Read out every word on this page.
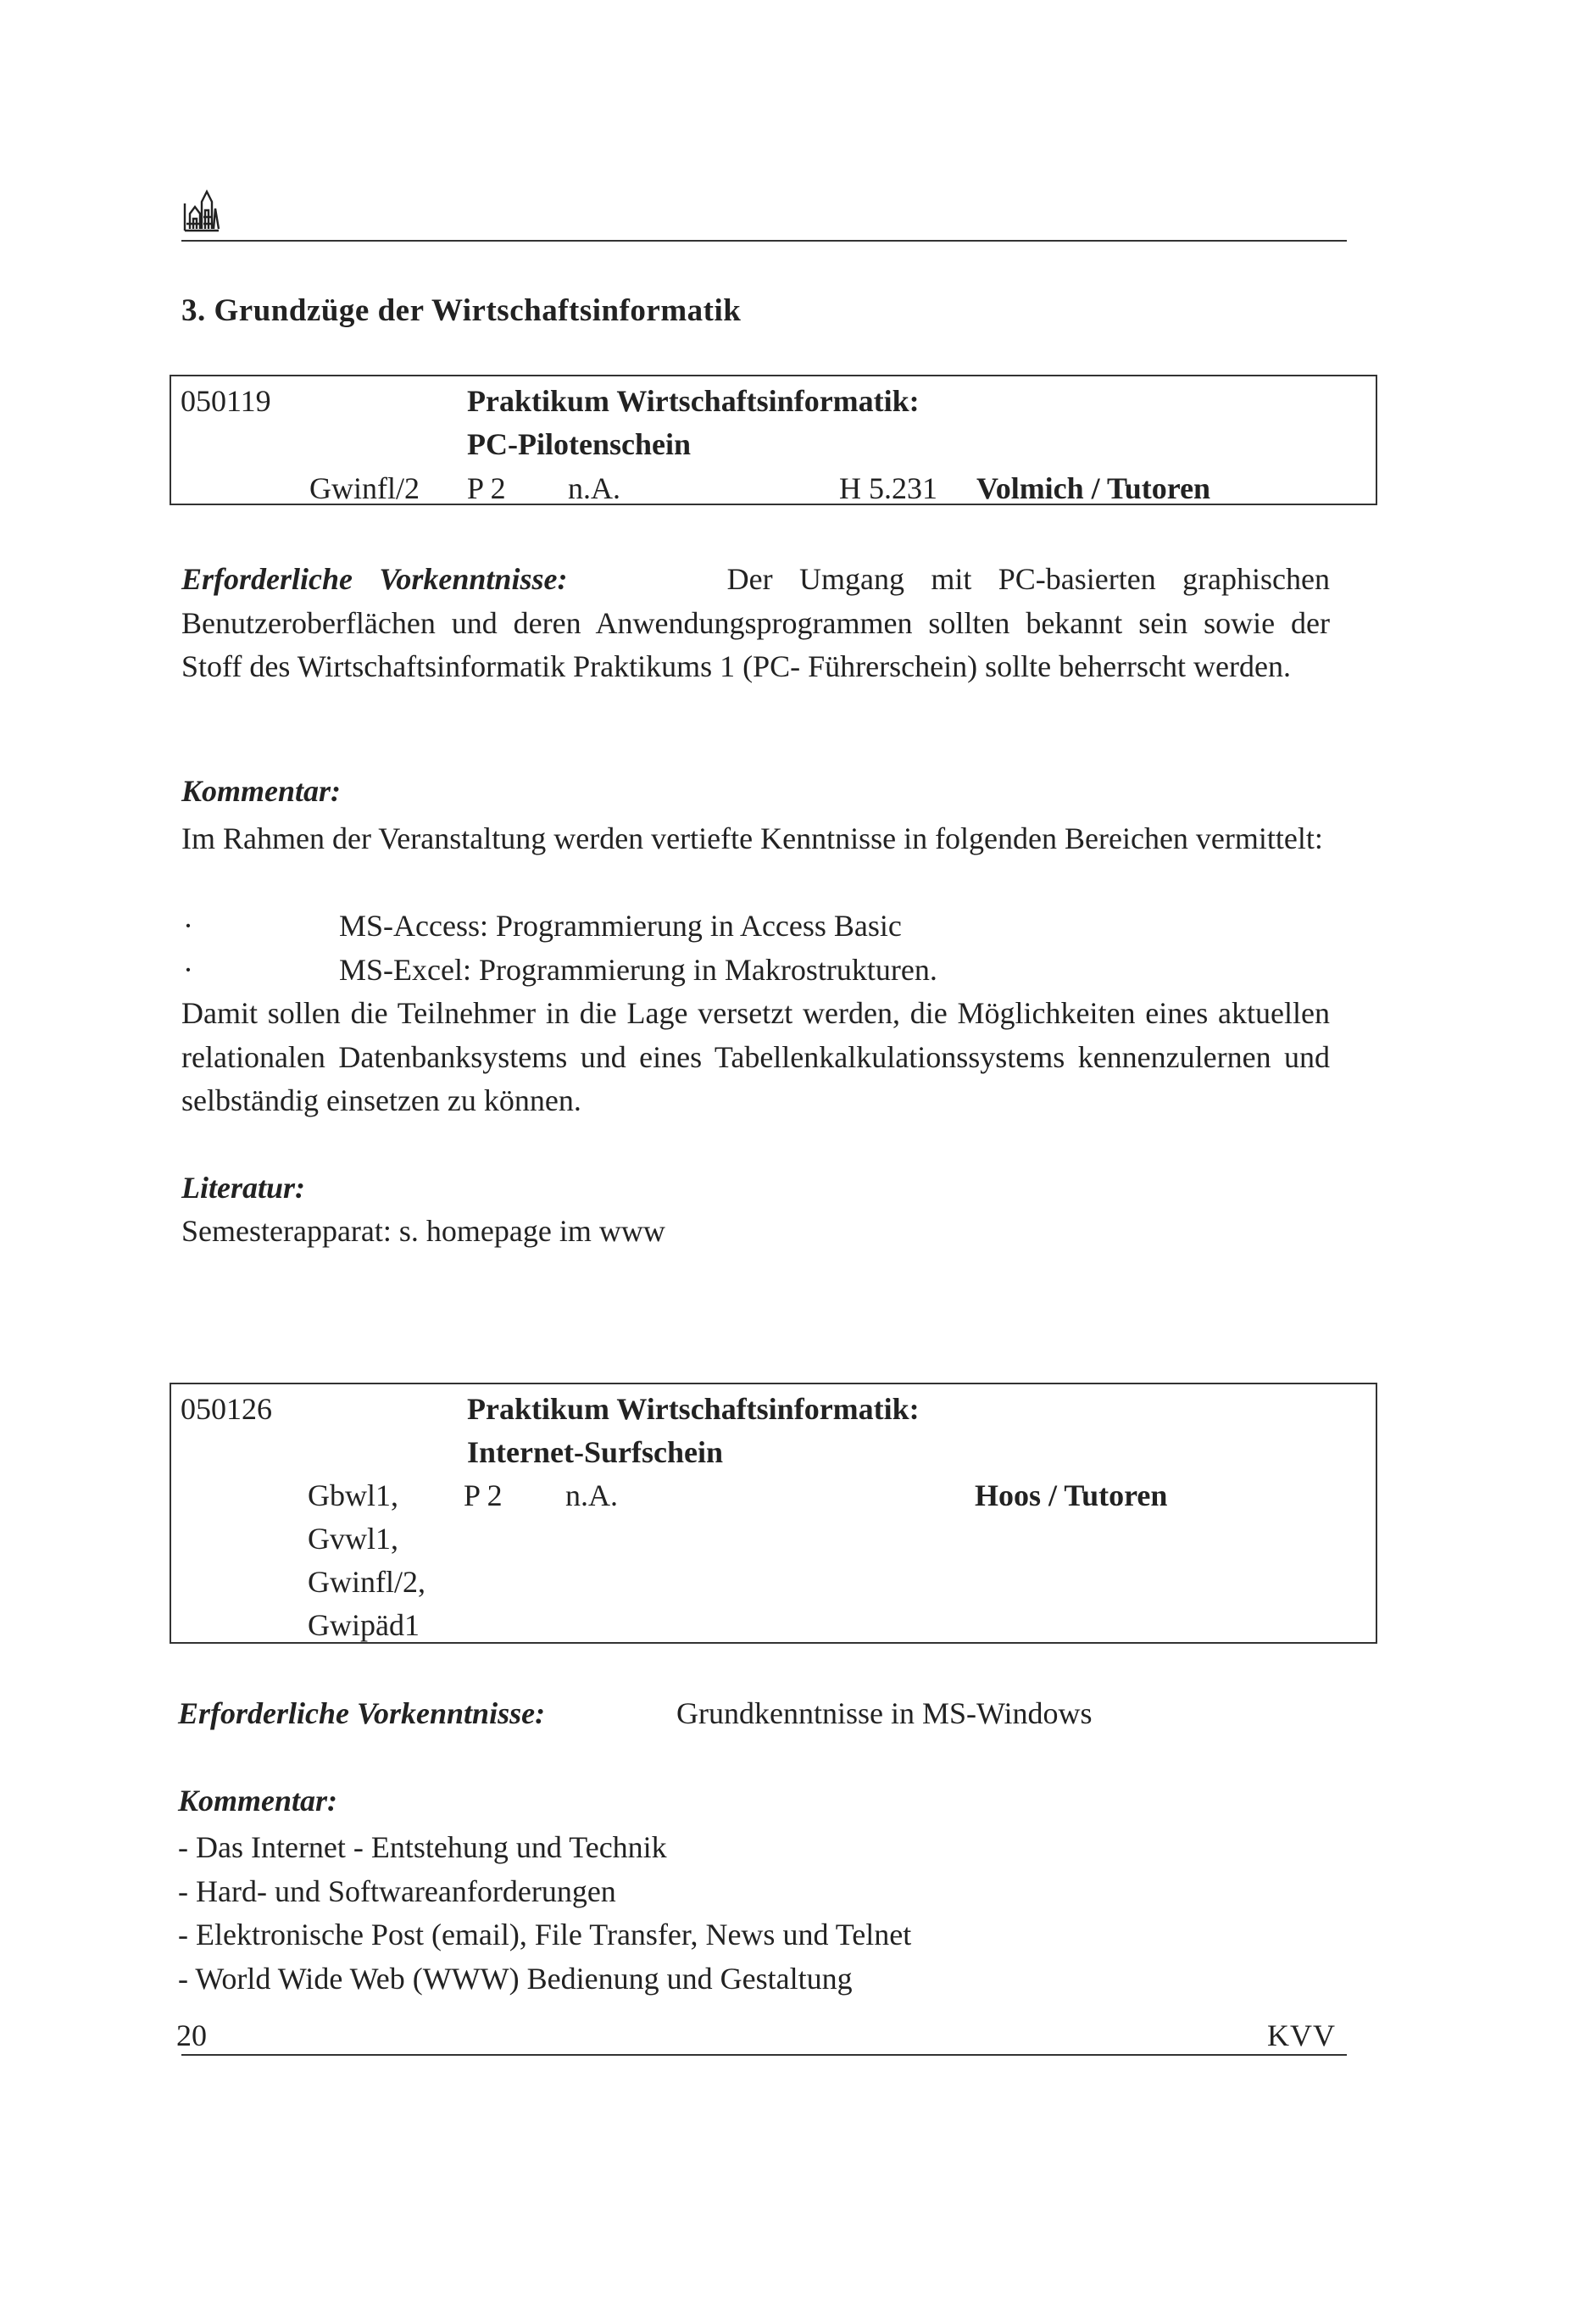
3. Grundzüge der Wirtschaftsinformatik
050119	Praktikum Wirtschaftsinformatik:
PC-Pilotenschein
Gwinfl/2 P 2 n.A.	H 5.231 Volmich / Tutoren

Erforderliche Vorkenntnisse:	Der Umgang mit PC-basierten graphischen Benutzeroberflächen und deren Anwendungsprogrammen sollten bekannt sein sowie der Stoff des Wirtschaftsinformatik Praktikums 1 (PC- Führerschein) sollte beherrscht werden.

Kommentar:

Im Rahmen der Veranstaltung werden vertiefte Kenntnisse in folgenden Bereichen vermittelt:

·	MS-Access: Programmierung in Access Basic
·	MS-Excel: Programmierung in Makrostrukturen.

Damit sollen die Teilnehmer in die Lage versetzt werden, die Möglichkeiten eines aktuellen relationalen Datenbanksystems und eines Tabellenkalkulationssystems kennenzulernen und selbständig einsetzen zu können.

Literatur:
Semesterapparat: s. homepage im www
050126	Praktikum Wirtschaftsinformatik:
Internet-Surfschein
Gbwl1,
Gvwl1,
Gwinfl/2,
Gwipäd1
P 2 n.A.	Hoos / Tutoren
Erforderliche Vorkenntnisse:	Grundkenntnisse in MS-Windows
Kommentar:
- Das Internet - Entstehung und Technik
- Hard- und Softwareanforderungen
- Elektronische Post (email), File Transfer, News und Telnet
- World Wide Web (WWW) Bedienung und Gestaltung
20	KVV
